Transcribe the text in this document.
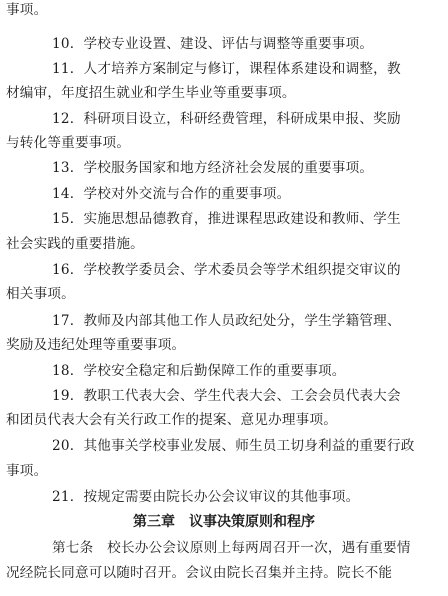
事项。
10．学校专业设置、建设、评估与调整等重要事项。
11．人才培养方案制定与修订，课程体系建设和调整，教
材编审，年度招生就业和学生毕业等重要事项。
12．科研项目设立，科研经费管理，科研成果申报、奖励
与转化等重要事项。
13．学校服务国家和地方经济社会发展的重要事项。
14．学校对外交流与合作的重要事项。
15．实施思想品德教育，推进课程思政建设和教师、学生
社会实践的重要措施。
16．学校教学委员会、学术委员会等学术组织提交审议的
相关事项。
17．教师及内部其他工作人员政纪处分，学生学籍管理、
奖励及违纪处理等重要事项。
18．学校安全稳定和后勤保障工作的重要事项。
19．教职工代表大会、学生代表大会、工会会员代表大会
和团员代表大会有关行政工作的提案、意见办理事项。
20．其他事关学校事业发展、师生员工切身利益的重要行政
事项。
21．按规定需要由院长办公会议审议的其他事项。
第三章　议事决策原则和程序
第七条　校长办公会议原则上每两周召开一次，遇有重要情
况经院长同意可以随时召开。会议由院长召集并主持。院长不能
